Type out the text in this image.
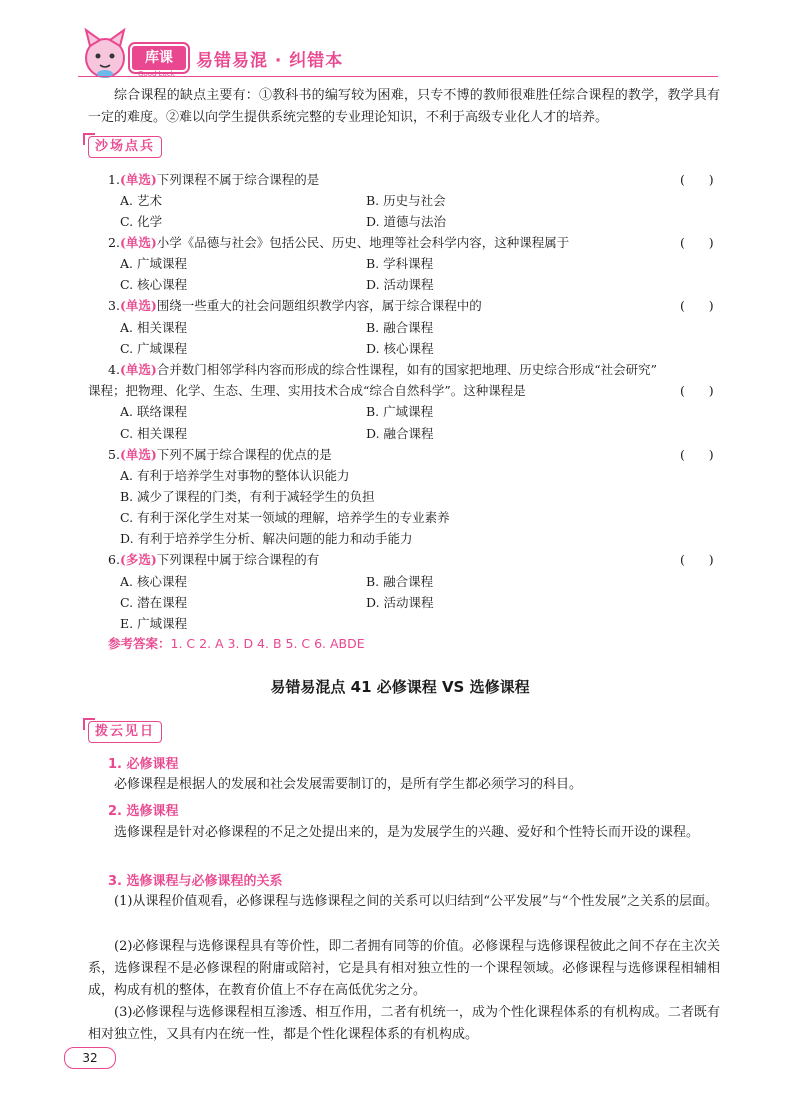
库课
Good Luck
易错易混 · 纠错本
综合课程的缺点主要有：①教科书的编写较为困难，只专不博的教师很难胜任综合课程的教学，教学具有一定的难度。②难以向学生提供系统完整的专业理论知识，不利于高级专业化人才的培养。
沙场点兵
1.(单选)下列课程不属于综合课程的是	(      )
A. 艺术	B. 历史与社会
C. 化学	D. 道德与法治
2.(单选)小学《品德与社会》包括公民、历史、地理等社会科学内容，这种课程属于	(      )
A. 广域课程	B. 学科课程
C. 核心课程	D. 活动课程
3.(单选)围绕一些重大的社会问题组织教学内容，属于综合课程中的	(      )
A. 相关课程	B. 融合课程
C. 广域课程	D. 核心课程
4.(单选)合并数门相邻学科内容而形成的综合性课程，如有的国家把地理、历史综合形成“社会研究”
课程；把物理、化学、生态、生理、实用技术合成“综合自然科学”。这种课程是	(      )
A. 联络课程	B. 广域课程
C. 相关课程	D. 融合课程
5.(单选)下列不属于综合课程的优点的是	(      )
A. 有利于培养学生对事物的整体认识能力
B. 减少了课程的门类，有利于减轻学生的负担
C. 有利于深化学生对某一领域的理解，培养学生的专业素养
D. 有利于培养学生分析、解决问题的能力和动手能力
6.(多选)下列课程中属于综合课程的有	(      )
A. 核心课程	B. 融合课程
C. 潜在课程	D. 活动课程
E. 广域课程
参考答案：1. C 2. A 3. D 4. B 5. C 6. ABDE
易错易混点 41 必修课程 VS 选修课程
拨云见日
1. 必修课程
必修课程是根据人的发展和社会发展需要制订的，是所有学生都必须学习的科目。
2. 选修课程
选修课程是针对必修课程的不足之处提出来的，是为发展学生的兴趣、爱好和个性特长而开设的课程。
3. 选修课程与必修课程的关系
(1)从课程价值观看，必修课程与选修课程之间的关系可以归结到“公平发展”与“个性发展”之关系的层面。
(2)必修课程与选修课程具有等价性，即二者拥有同等的价值。必修课程与选修课程彼此之间不存在主次关系，选修课程不是必修课程的附庸或陪衬，它是具有相对独立性的一个课程领域。必修课程与选修课程相辅相成，构成有机的整体，在教育价值上不存在高低优劣之分。
(3)必修课程与选修课程相互渗透、相互作用，二者有机统一，成为个性化课程体系的有机构成。二者既有相对独立性，又具有内在统一性，都是个性化课程体系的有机构成。
32
